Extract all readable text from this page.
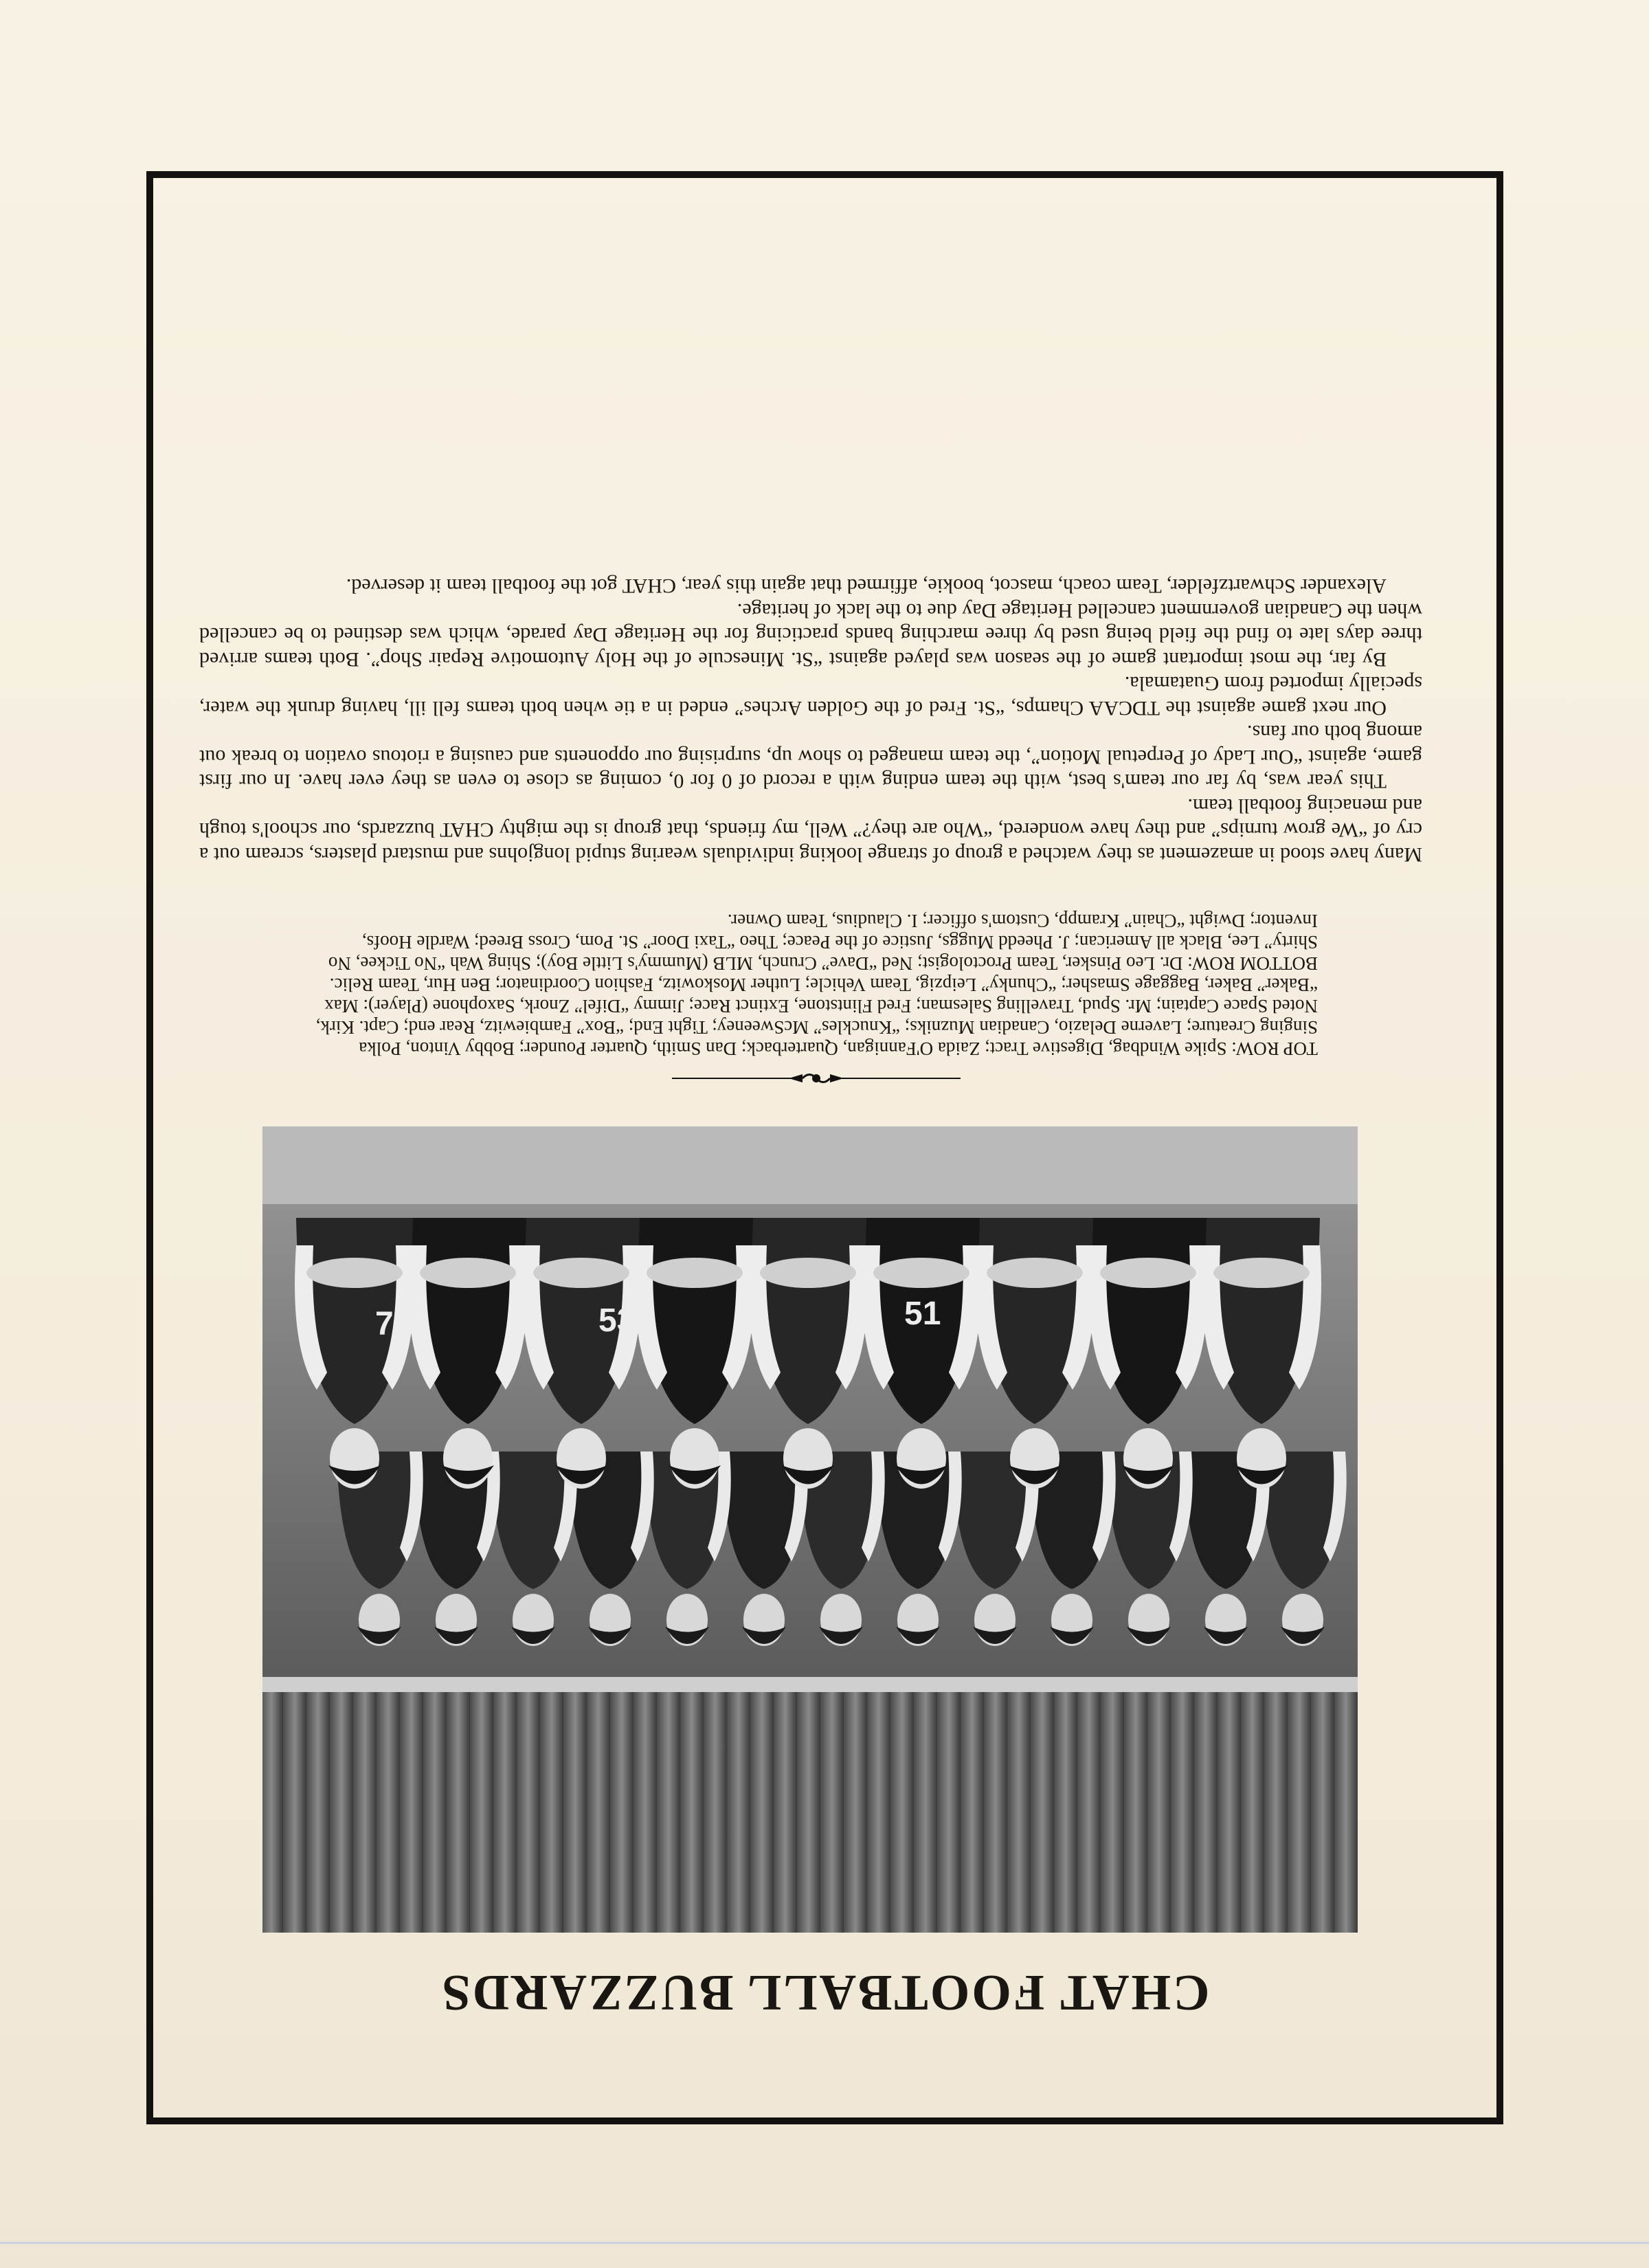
CHAT FOOTBALL BUZZARDS
77	53	51

TOP ROW: Spike Windbag, Digestive Tract; Zaida O'Fannigan, Quarterback; Dan Smith, Quarter Pounder; Bobby Vinton, Polka Singing Creature; Laverne Delazio, Canadian Muzniks; “Knuckles” McSweeney; Tight End; “Box” Fambiewitz, Rear end; Capt. Kirk, Noted Space Captain; Mr. Spud, Travelling Salesman; Fred Flintstone, Extinct Race; Jimmy “Difel” Znork, Saxophone (Player): Max “Baker” Baker, Baggage Smasher; “Chunky” Leipzig, Team Vehicle; Luther Moskowitz, Fashion Coordinator; Ben Hur, Team Relic.

BOTTOM ROW: Dr. Leo Pinsker, Team Proctologist; Ned “Dave” Crunch, MLB (Mummy's Little Boy); Shing Wah “No Tickee, No Shirty” Lee, Black all American; J. Pheedd Muggs, Justice of the Peace; Theo “Taxi Door” St. Pom, Cross Breed; Wardle Hoofs, Inventor; Dwight “Chain” Krampp, Custom's officer; I. Claudius, Team Owner.

Many have stood in amazement as they watched a group of strange looking individuals wearing stupid longjohns and mustard plasters, scream out a cry of “We grow turnips” and they have wondered, “Who are they?” Well, my friends, that group is the mighty CHAT buzzards, our school's tough and menacing football team.

This year was, by far our team's best, with the team ending with a record of 0 for 0, coming as close to even as they ever have. In our first game, against “Our Lady of Perpetual Motion”, the team managed to show up, surprising our opponents and causing a riotous ovation to break out among both our fans.

Our next game against the TDCAA Champs, “St. Fred of the Golden Arches” ended in a tie when both teams fell ill, having drunk the water, specially imported from Guatamala.

By far, the most important game of the season was played against “St. Minescule of the Holy Automotive Repair Shop”. Both teams arrived three days late to find the field being used by three marching bands practicing for the Heritage Day parade, which was destined to be cancelled when the Canadian government cancelled Heritage Day due to the lack of heritage.

Alexander Schwartzfelder, Team coach, mascot, bookie, affirmed that again this year, CHAT got the football team it deserved.
